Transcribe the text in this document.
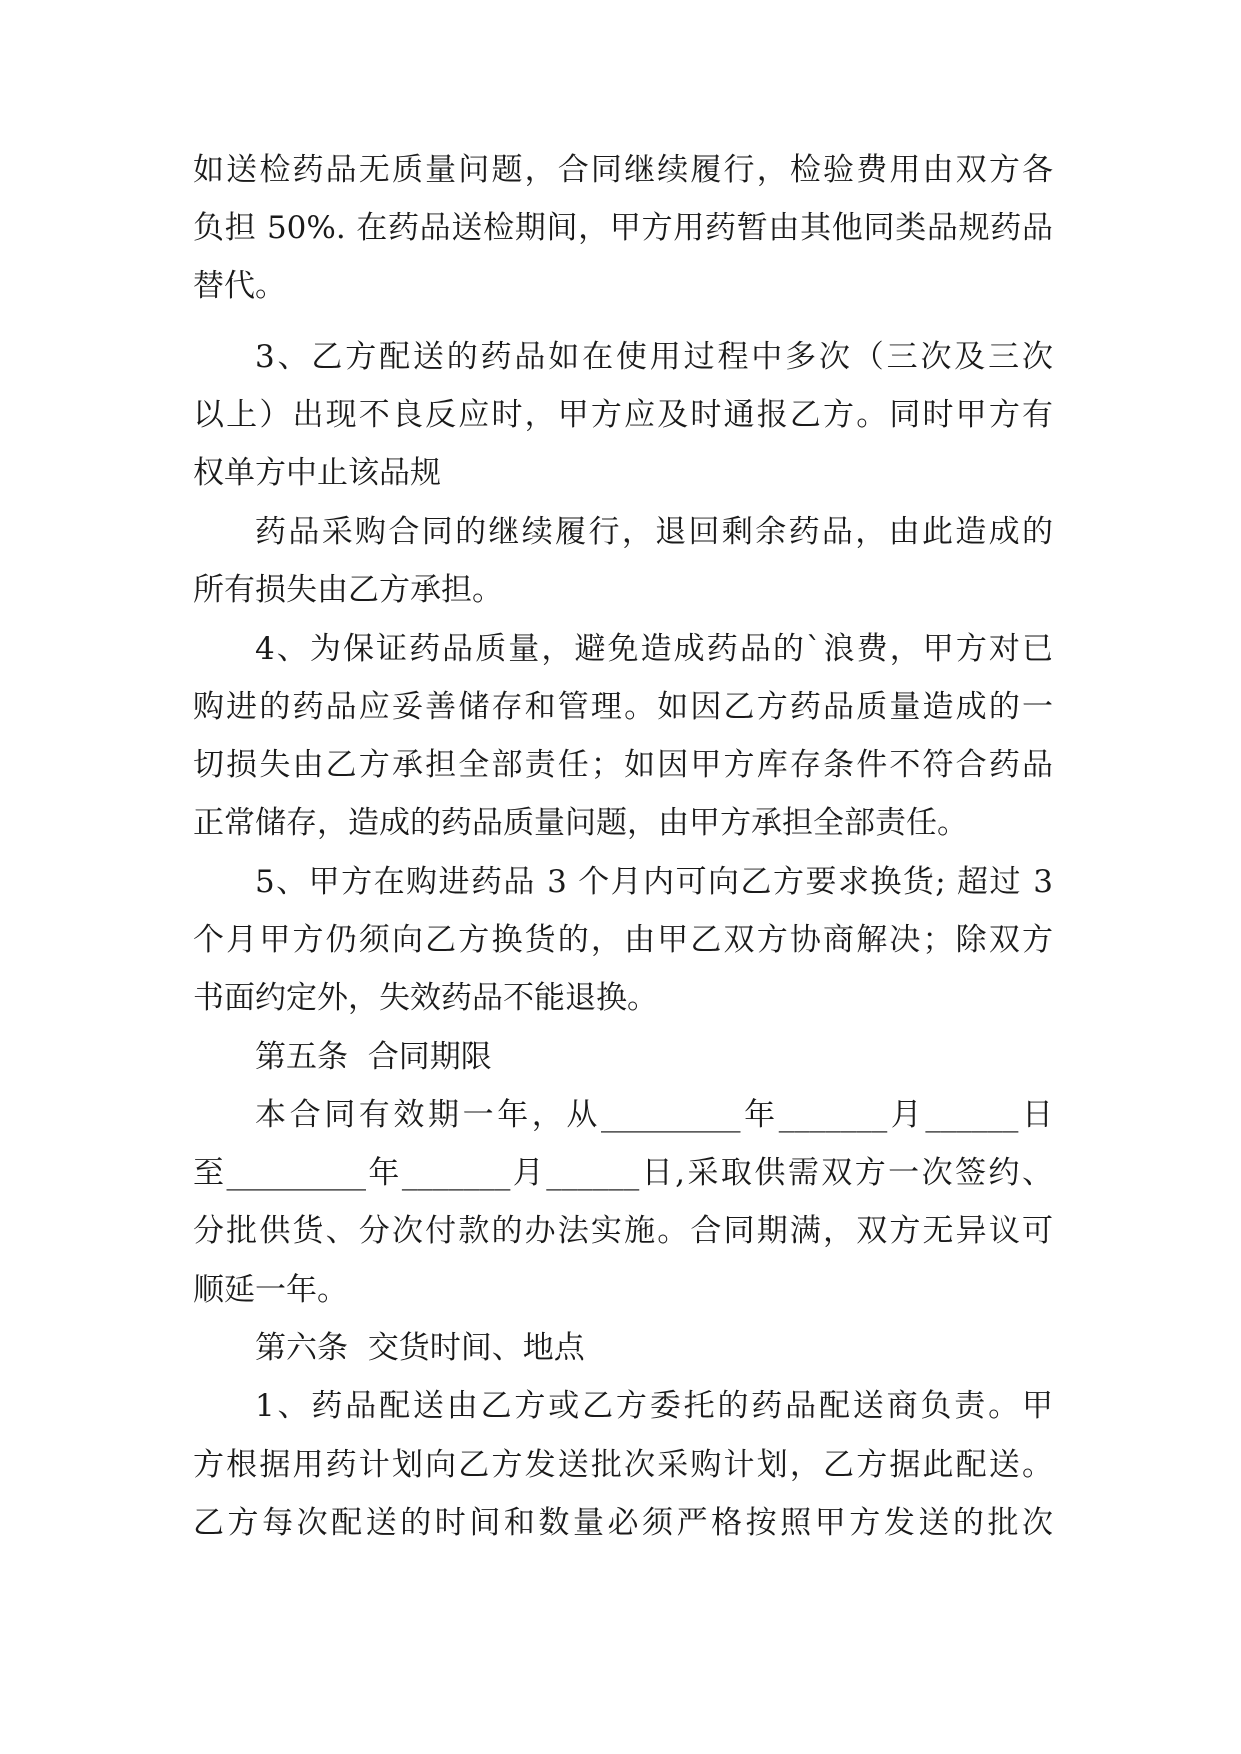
如送检药品无质量问题，合同继续履行，检验费用由双方各
负担 50%. 在药品送检期间，甲方用药暂由其他同类品规药品
替代。
3、乙方配送的药品如在使用过程中多次（三次及三次
以上）出现不良反应时，甲方应及时通报乙方。同时甲方有
权单方中止该品规
药品采购合同的继续履行，退回剩余药品，由此造成的
所有损失由乙方承担。
4、为保证药品质量，避免造成药品的`浪费，甲方对已
购进的药品应妥善储存和管理。如因乙方药品质量造成的一
切损失由乙方承担全部责任；如因甲方库存条件不符合药品
正常储存，造成的药品质量问题，由甲方承担全部责任。
5、甲方在购进药品 3 个月内可向乙方要求换货; 超过 3
个月甲方仍须向乙方换货的，由甲乙双方协商解决；除双方
书面约定外，失效药品不能退换。
第五条  合同期限
本合同有效期一年，从_________年_______月______日
至_________年_______月______日,采取供需双方一次签约、
分批供货、分次付款的办法实施。合同期满，双方无异议可
顺延一年。
第六条  交货时间、地点
1、药品配送由乙方或乙方委托的药品配送商负责。甲
方根据用药计划向乙方发送批次采购计划，乙方据此配送。
乙方每次配送的时间和数量必须严格按照甲方发送的批次
